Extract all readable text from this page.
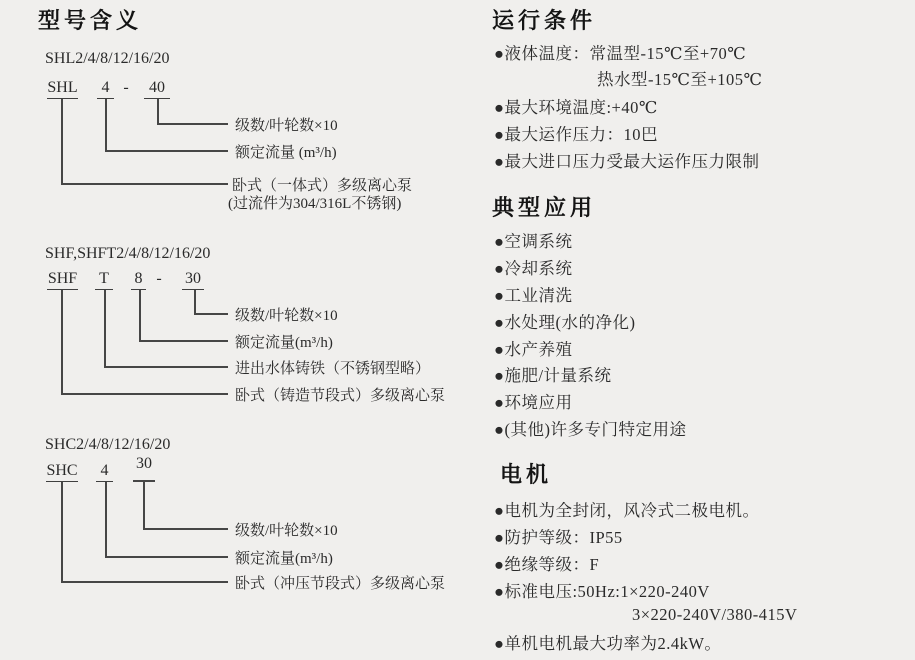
型号含义
SHL2/4/8/12/16/20
SHL 4 -	40
级数/叶轮数×10
额定流量 (m³/h)
卧式（一体式）多级离心泵
(过流件为304/316L不锈钢)
SHF,SHFT2/4/8/12/16/20
SHF T 8 - 30
级数/叶轮数×10
额定流量(m³/h)
进出水体铸铁（不锈钢型略）
卧式（铸造节段式）多级离心泵
SHC2/4/8/12/16/20
SHC 4 30
级数/叶轮数×10
额定流量(m³/h)
卧式（冲压节段式）多级离心泵
运行条件
●液体温度：常温型-15℃至+70℃
热水型-15℃至+105℃
●最大环境温度:+40℃
●最大运作压力：10巴
●最大进口压力受最大运作压力限制
典型应用
●空调系统
●冷却系统
●工业清洗
●水处理(水的净化)
●水产养殖
●施肥/计量系统
●环境应用
●(其他)许多专门特定用途
电机
●电机为全封闭，风冷式二极电机。
●防护等级：IP55
●绝缘等级：F
●标准电压:50Hz:1×220-240V
3×220-240V/380-415V
●单机电机最大功率为2.4kW。
